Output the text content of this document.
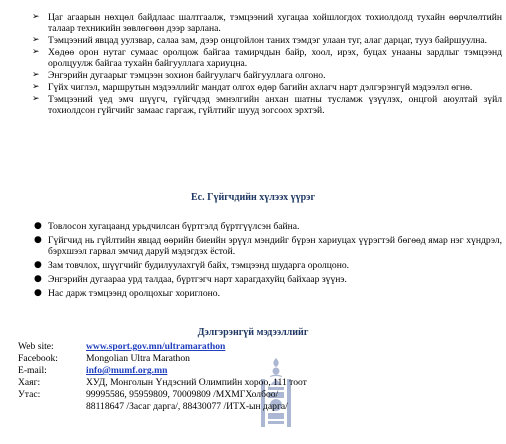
➢ Цаг агаарын нөхцөл байдлаас шалтгаалж, тэмцээний хугацаа хойшлогдох тохиолдолд тухайн өөрчлөлтийн талаар техникийн зөвлөгөөн дээр зарлана.
➢ Тэмцээний явцад уулзвар, салаа зам, дээр онцгойлон таних тэмдэг улаан туг, алаг дарцаг, тууз байршуулна.
➢ Хөдөө орон нутаг сумаас оролцож байгаа тамирчдын байр, хоол, ирэх, буцах унааны зардлыг тэмцээнд оролцуулж байгаа тухайн байгууллага хариуцна.
➢ Энгэрийн дугаарыг тэмцээн зохион байгуулагч байгууллага олгоно.
➢ Гүйх чиглэл, маршрутын мэдээллийг мандат олгох өдөр багийн ахлагч нарт дэлгэрэнгүй мэдээлэл өгнө.
➢ Тэмцээний үед эмч шүүгч, гүйгчдэд эмнэлгийн анхан шатны тусламж үзүүлэх, онцгой аюултай зүйл тохиолдсон гүйгчийг замаас гаргаж, гүйлтийг шууд зогсоох эрхтэй.
Ес. Гүйгчдийн хүлээх үүрэг
● Товлосон хугацаанд урьдчилсан бүртгэлд бүртгүүлсэн байна.
● Гүйгчид нь гүйлтийн явцад өөрийн биеийн эрүүл мэндийг бүрэн хариуцах үүрэгтэй бөгөөд ямар нэг хүндрэл, бэрхшээл гарвал эмчид даруй мэдэгдэх ёстой.
● Зам товчлох, шүүгчийг будилуулахгүй байх, тэмцээнд шударга оролцоно.
● Энгэрийн дугаараа урд талдаа, бүртгэгч нарт харагдахуйц байхаар зүүнэ.
● Нас дарж тэмцээнд оролцохыг хориглоно.
Дэлгэрэнгүй мэдээллийг
Web site:	www.sport.gov.mn/ultramarathon
Facebook:	Mongolian Ultra Marathon
E-mail:	info@mumf.org.mn
Хаяг:	ХУД, Монголын Үндэсний Олимпийн хороо, 111 тоот
Утас:	99995586, 95959809, 70009809 /МХМГХолбоо/
88118647 /Засаг дарга/, 88430077 /ИТХ-ын дарга/
